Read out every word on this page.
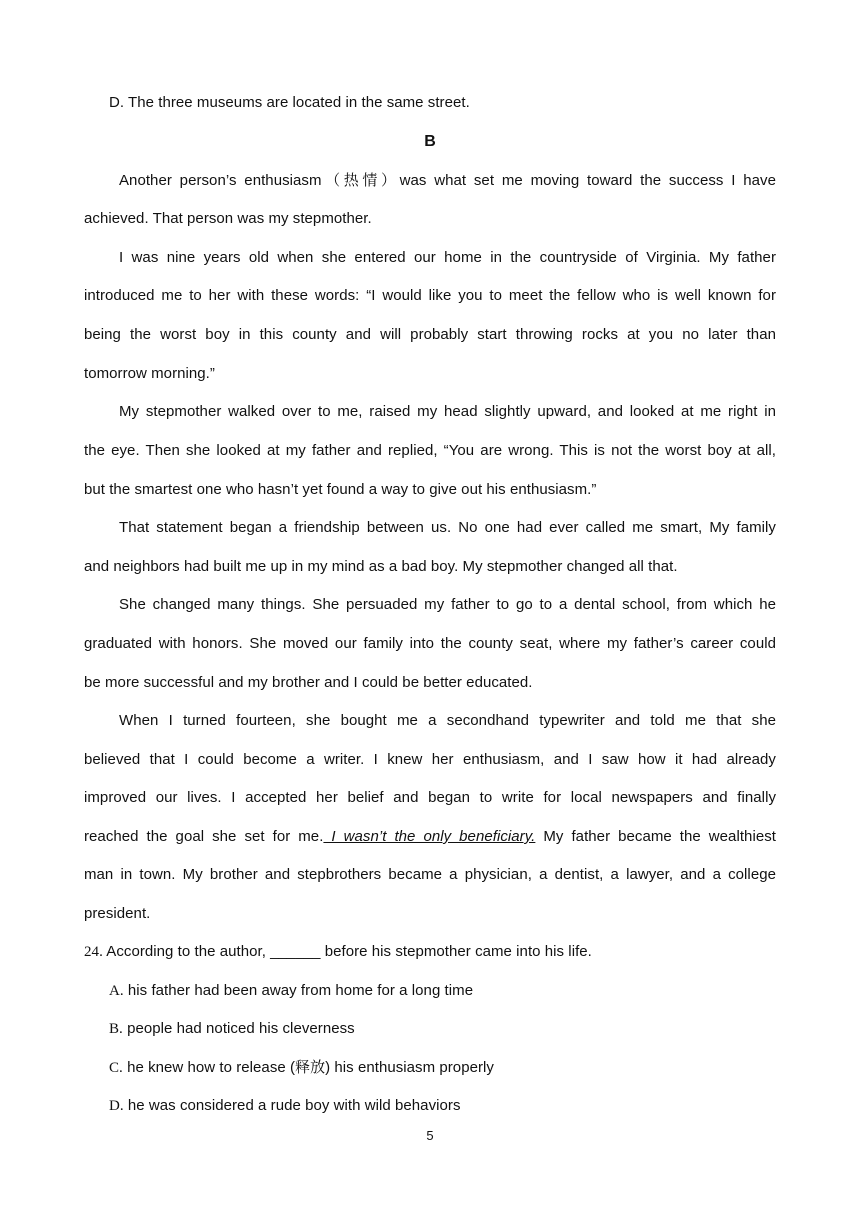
D. The three museums are located in the same street.
B
Another person’s enthusiasm（热情）was what set me moving toward the success I have
achieved. That person was my stepmother.
I was nine years old when she entered our home in the countryside of Virginia. My father
introduced me to her with these words: “I would like you to meet the fellow who is well known for
being the worst boy in this county and will probably start throwing rocks at you no later than
tomorrow morning.”
My stepmother walked over to me, raised my head slightly upward, and looked at me right in
the eye. Then she looked at my father and replied, “You are wrong. This is not the worst boy at all,
but the smartest one who hasn’t yet found a way to give out his enthusiasm.”
That statement began a friendship between us. No one had ever called me smart, My family
and neighbors had built me up in my mind as a bad boy. My stepmother changed all that.
She changed many things. She persuaded my father to go to a dental school, from which he
graduated with honors. She moved our family into the county seat, where my father’s career could
be more successful and my brother and I could be better educated.
When I turned fourteen, she bought me a secondhand typewriter and told me that she
believed that I could become a writer. I knew her enthusiasm, and I saw how it had already
improved our lives. I accepted her belief and began to write for local newspapers and finally
reached the goal she set for me. I wasn’t the only beneficiary. My father became the wealthiest
man in town. My brother and stepbrothers became a physician, a dentist, a lawyer, and a college
president.
24. According to the author, ______ before his stepmother came into his life.
A. his father had been away from home for a long time
B. people had noticed his cleverness
C. he knew how to release (释放) his enthusiasm properly
D. he was considered a rude boy with wild behaviors
5
